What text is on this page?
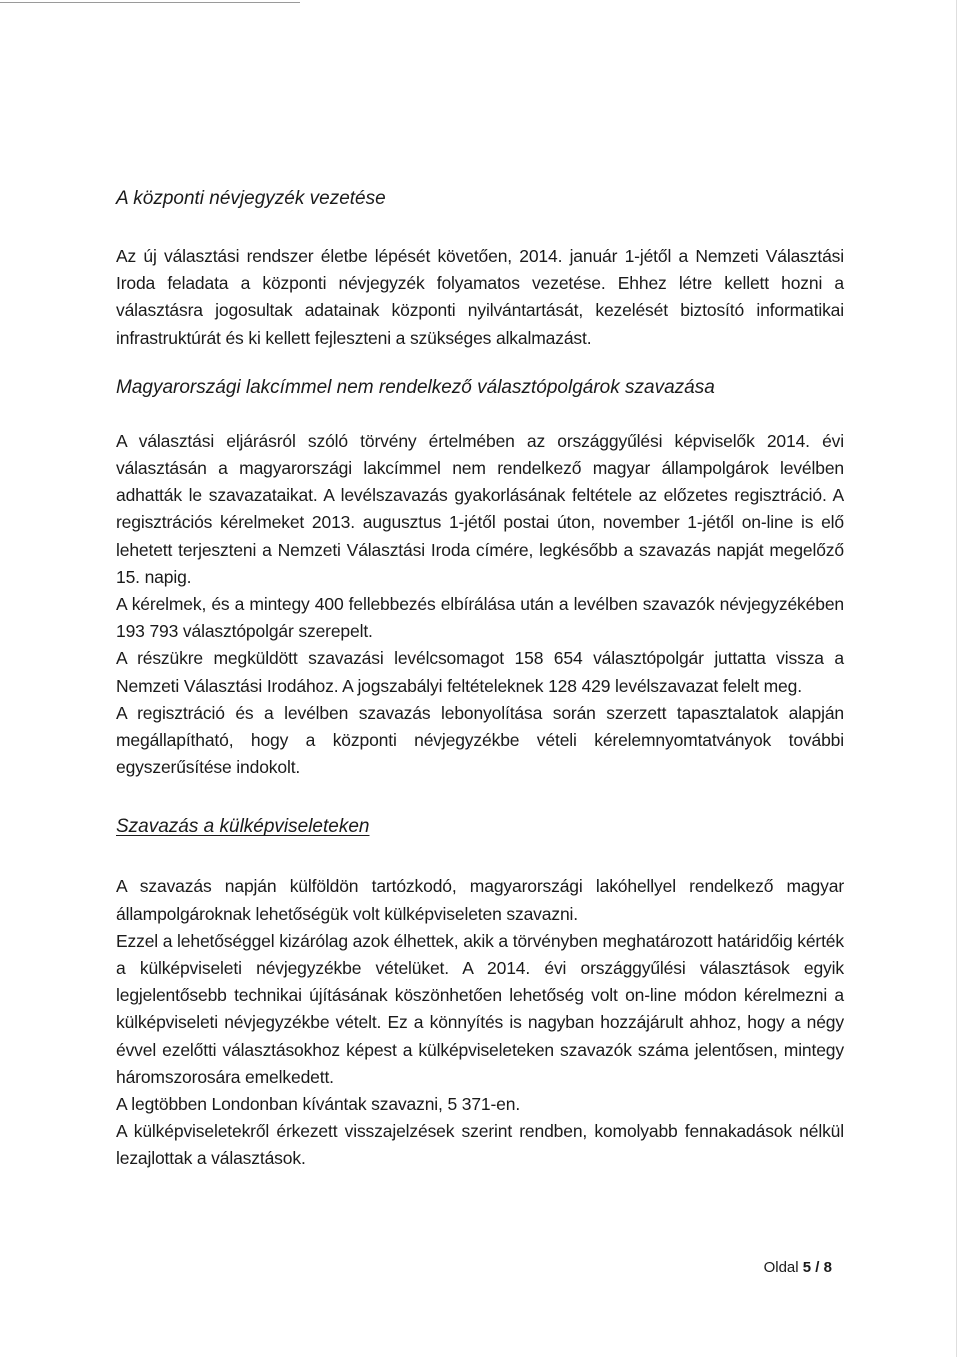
A központi névjegyzék vezetése

Az új választási rendszer életbe lépését követően, 2014. január 1-jétől a Nemzeti Választási Iroda feladata a központi névjegyzék folyamatos vezetése. Ehhez létre kellett hozni a választásra jogosultak adatainak központi nyilvántartását, kezelését biztosító informatikai infrastruktúrát és ki kellett fejleszteni a szükséges alkalmazást.

Magyarországi lakcímmel nem rendelkező választópolgárok szavazása

A választási eljárásról szóló törvény értelmében az országgyűlési képviselők 2014. évi választásán a magyarországi lakcímmel nem rendelkező magyar állampolgárok levélben adhatták le szavazataikat. A levélszavazás gyakorlásának feltétele az előzetes regisztráció. A regisztrációs kérelmeket 2013. augusztus 1-jétől postai úton, november 1-jétől on-line is elő lehetett terjeszteni a Nemzeti Választási Iroda címére, legkésőbb a szavazás napját megelőző 15. napig.

A kérelmek, és a mintegy 400 fellebbezés elbírálása után a levélben szavazók névjegyzékében 193 793 választópolgár szerepelt.

A részükre megküldött szavazási levélcsomagot 158 654 választópolgár juttatta vissza a Nemzeti Választási Irodához. A jogszabályi feltételeknek 128 429 levélszavazat felelt meg.

A regisztráció és a levélben szavazás lebonyolítása során szerzett tapasztalatok alapján megállapítható, hogy a központi névjegyzékbe vételi kérelemnyomtatványok további egyszerűsítése indokolt.

Szavazás a külképviseleteken

A szavazás napján külföldön tartózkodó, magyarországi lakóhellyel rendelkező magyar állampolgároknak lehetőségük volt külképviseleten szavazni.

Ezzel a lehetőséggel kizárólag azok élhettek, akik a törvényben meghatározott határidőig kérték a külképviseleti névjegyzékbe vételüket. A 2014. évi országgyűlési választások egyik legjelentősebb technikai újításának köszönhetően lehetőség volt on-line módon kérelmezni a külképviseleti névjegyzékbe vételt. Ez a könnyítés is nagyban hozzájárult ahhoz, hogy a négy évvel ezelőtti választásokhoz képest a külképviseleteken szavazók száma jelentősen, mintegy háromszorosára emelkedett.

A legtöbben Londonban kívántak szavazni, 5 371-en.

A külképviseletekről érkezett visszajelzések szerint rendben, komolyabb fennakadások nélkül lezajlottak a választások.

Oldal 5 / 8
